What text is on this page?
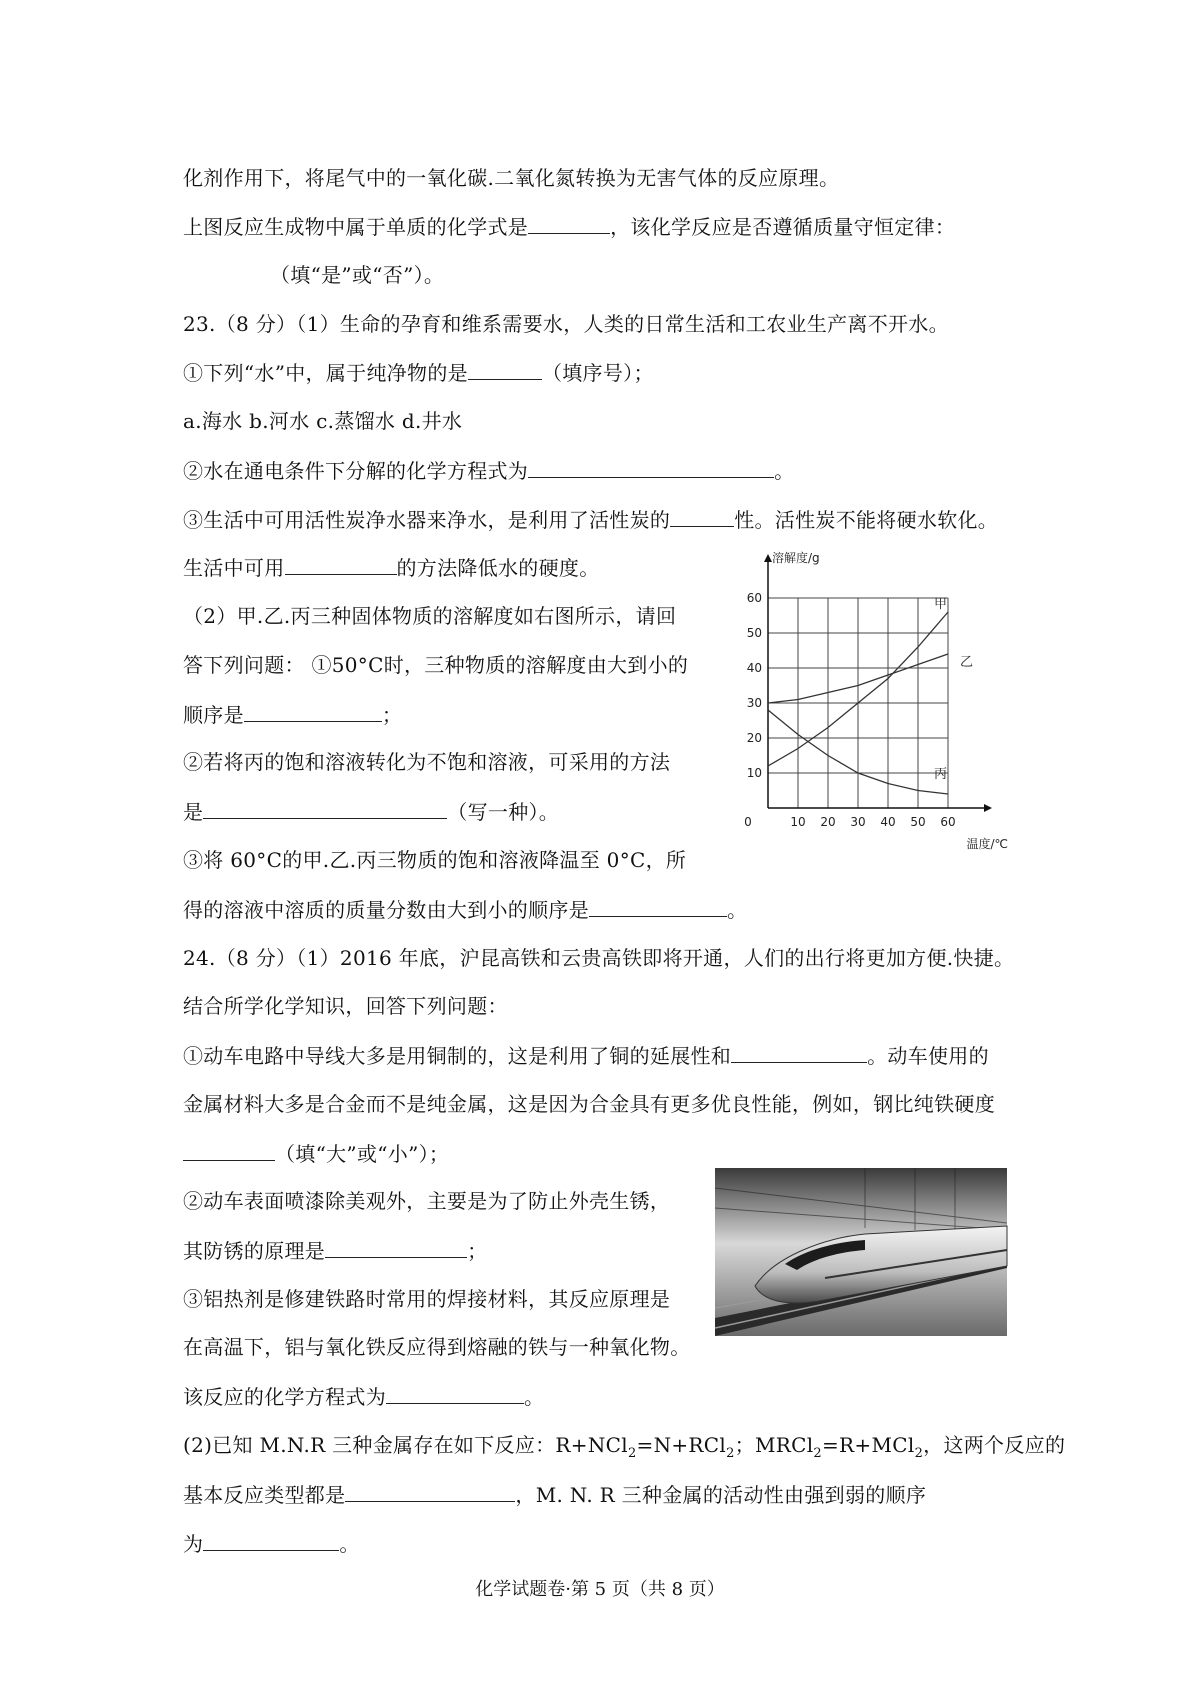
化剂作用下，将尾气中的一氧化碳.二氧化氮转换为无害气体的反应原理。
上图反应生成物中属于单质的化学式是	，该化学反应是否遵循质量守恒定律：
（填“是”或“否”）。
23.（8 分）（1）生命的孕育和维系需要水，人类的日常生活和工农业生产离不开水。
①下列“水”中，属于纯净物的是	（填序号）；
a.海水 b.河水 c.蒸馏水 d.井水
②水在通电条件下分解的化学方程式为	。
③生活中可用活性炭净水器来净水，是利用了活性炭的	性。活性炭不能将硬水软化。
生活中可用	的方法降低水的硬度。
（2）甲.乙.丙三种固体物质的溶解度如右图所示，请回
答下列问题： ①50°C时，三种物质的溶解度由大到小的
顺序是	；
②若将丙的饱和溶液转化为不饱和溶液，可采用的方法
是	（写一种）。
③将 60°C的甲.乙.丙三物质的饱和溶液降温至 0°C，所
得的溶液中溶质的质量分数由大到小的顺序是	。
24.（8 分）（1）2016 年底，沪昆高铁和云贵高铁即将开通，人们的出行将更加方便.快捷。
结合所学化学知识，回答下列问题：
①动车电路中导线大多是用铜制的，这是利用了铜的延展性和	。动车使用的
金属材料大多是合金而不是纯金属，这是因为合金具有更多优良性能，例如，钢比纯铁硬度
（填“大”或“小”）；
②动车表面喷漆除美观外，主要是为了防止外壳生锈，
其防锈的原理是	；
③铝热剂是修建铁路时常用的焊接材料，其反应原理是
在高温下，铝与氧化铁反应得到熔融的铁与一种氧化物。
该反应的化学方程式为	。
(2)已知 M.N.R 三种金属存在如下反应：R+NCl$_2$=N+RCl$_2$；MRCl$_2$=R+MCl$_2$，这两个反应的
基本反应类型都是	，M. N. R 三种金属的活动性由强到弱的顺序
为	。
0	10 20 30 40 50 60
10
20
30
40
50
60
溶解度/g
温度/℃
甲
乙
丙
化学试题卷·第 5 页（共 8 页）
